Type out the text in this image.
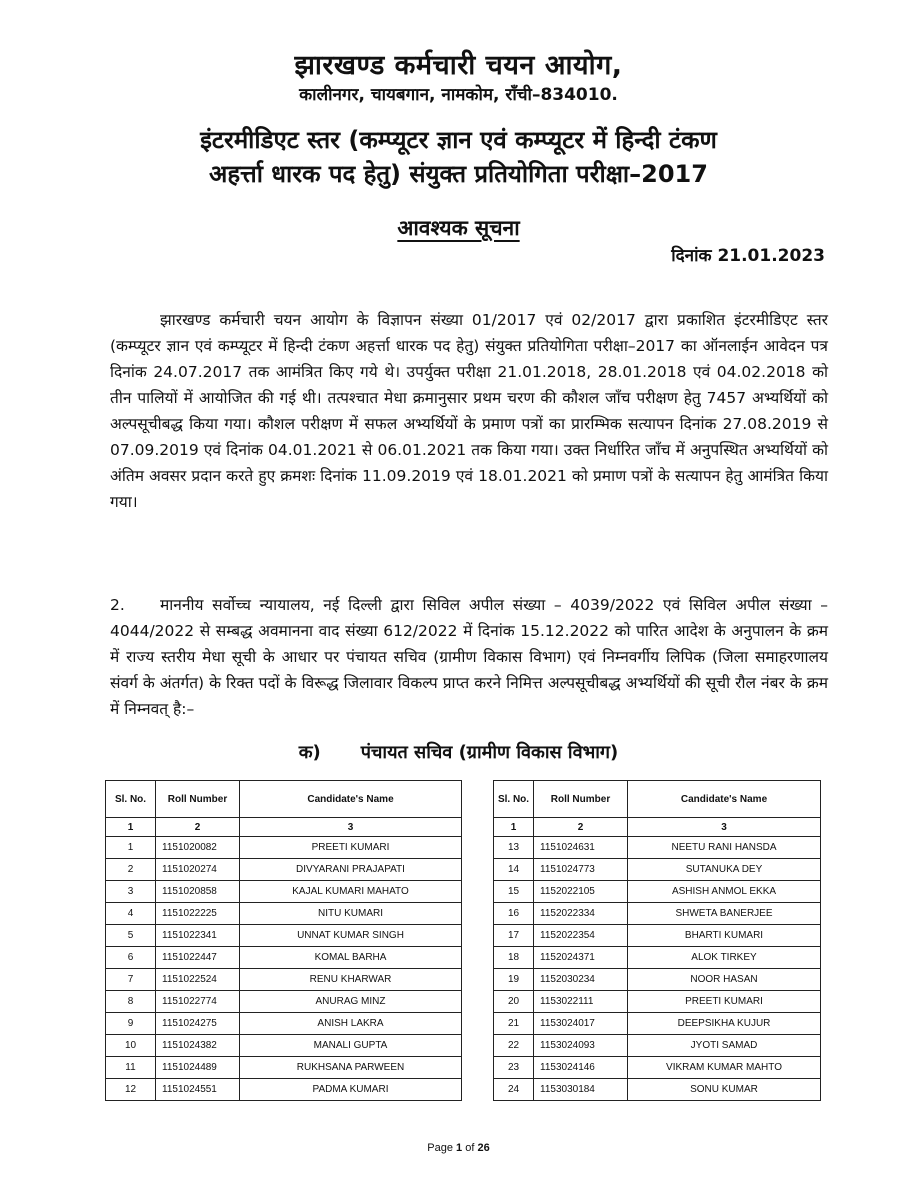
झारखण्ड कर्मचारी चयन आयोग,
कालीनगर, चायबगान, नामकोम, राँची–834010.
इंटरमीडिएट स्तर (कम्प्यूटर ज्ञान एवं कम्प्यूटर में हिन्दी टंकण
अहर्त्ता धारक पद हेतु) संयुक्त प्रतियोगिता परीक्षा–2017
आवश्यक सूचना
दिनांक 21.01.2023

झारखण्ड कर्मचारी चयन आयोग के विज्ञापन संख्या 01/2017 एवं 02/2017 द्वारा प्रकाशित इंटरमीडिएट स्तर (कम्प्यूटर ज्ञान एवं कम्प्यूटर में हिन्दी टंकण अहर्त्ता धारक पद हेतु) संयुक्त प्रतियोगिता परीक्षा–2017 का ऑनलाईन आवेदन पत्र दिनांक 24.07.2017 तक आमंत्रित किए गये थे। उपर्युक्त परीक्षा 21.01.2018, 28.01.2018 एवं 04.02.2018 को तीन पालियों में आयोजित की गई थी। तत्पश्चात मेधा क्रमानुसार प्रथम चरण की कौशल जाँच परीक्षण हेतु 7457 अभ्यर्थियों को अल्पसूचीबद्ध किया गया। कौशल परीक्षण में सफल अभ्यर्थियों के प्रमाण पत्रों का प्रारम्भिक सत्यापन दिनांक 27.08.2019 से 07.09.2019 एवं दिनांक 04.01.2021 से 06.01.2021 तक किया गया। उक्त निर्धारित जाँच में अनुपस्थित अभ्यर्थियों को अंतिम अवसर प्रदान करते हुए क्रमशः दिनांक 11.09.2019 एवं 18.01.2021 को प्रमाण पत्रों के सत्यापन हेतु आमंत्रित किया गया।

2. माननीय सर्वोच्च न्यायालय, नई दिल्ली द्वारा सिविल अपील संख्या – 4039/2022 एवं सिविल अपील संख्या – 4044/2022 से सम्बद्ध अवमानना वाद संख्या 612/2022 में दिनांक 15.12.2022 को पारित आदेश के अनुपालन के क्रम में राज्य स्तरीय मेधा सूची के आधार पर पंचायत सचिव (ग्रामीण विकास विभाग) एवं निम्नवर्गीय लिपिक (जिला समाहरणालय संवर्ग के अंतर्गत) के रिक्त पदों के विरूद्ध जिलावार विकल्प प्राप्त करने निमित्त अल्पसूचीबद्ध अभ्यर्थियों की सूची रौल नंबर के क्रम में निम्नवत् है:–

क) पंचायत सचिव (ग्रामीण विकास विभाग)
Sl. No.	Roll Number	Candidate's Name
1	2	3
1	1151020082	PREETI KUMARI
2	1151020274	DIVYARANI PRAJAPATI
3	1151020858	KAJAL KUMARI MAHATO
4	1151022225	NITU KUMARI
5	1151022341	UNNAT KUMAR SINGH
6	1151022447	KOMAL BARHA
7	1151022524	RENU KHARWAR
8	1151022774	ANURAG MINZ
9	1151024275	ANISH LAKRA
10	1151024382	MANALI GUPTA
11	1151024489	RUKHSANA PARWEEN
12	1151024551	PADMA KUMARI
Sl. No.	Roll Number	Candidate's Name
1	2	3
13	1151024631	NEETU RANI HANSDA
14	1151024773	SUTANUKA DEY
15	1152022105	ASHISH ANMOL EKKA
16	1152022334	SHWETA BANERJEE
17	1152022354	BHARTI KUMARI
18	1152024371	ALOK TIRKEY
19	1152030234	NOOR HASAN
20	1153022111	PREETI KUMARI
21	1153024017	DEEPSIKHA KUJUR
22	1153024093	JYOTI SAMAD
23	1153024146	VIKRAM KUMAR MAHTO
24	1153030184	SONU KUMAR
Page 1 of 26
